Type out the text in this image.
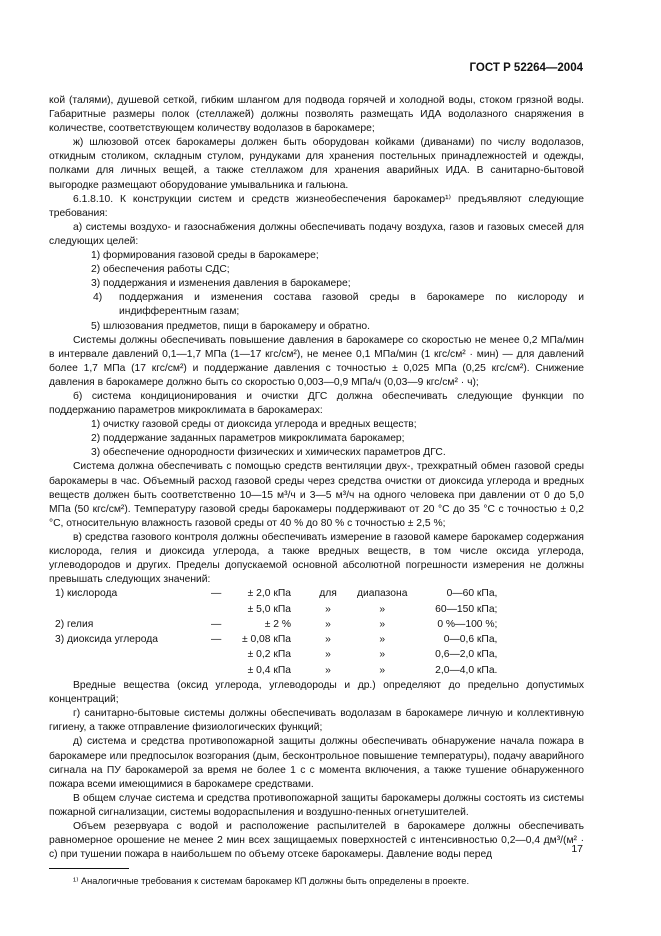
ГОСТ Р 52264—2004

кой (талями), душевой сеткой, гибким шлангом для подвода горячей и холодной воды, стоком грязной воды. Габаритные размеры полок (стеллажей) должны позволять размещать ИДА водолазного снаряжения в количестве, соответствующем количеству водолазов в барокамере;

ж) шлюзовой отсек барокамеры должен быть оборудован койками (диванами) по числу водолазов, откидным столиком, складным стулом, рундуками для хранения постельных принадлежностей и одежды, полками для личных вещей, а также стеллажом для хранения аварийных ИДА. В санитарно-бытовой выгородке размещают оборудование умывальника и гальюна.

6.1.8.10. К конструкции систем и средств жизнеобеспечения барокамер¹⁾ предъявляют следующие требования:

а) системы воздухо- и газоснабжения должны обеспечивать подачу воздуха, газов и газовых смесей для следующих целей:

1) формирования газовой среды в барокамере;

2) обеспечения работы СДС;

3) поддержания и изменения давления в барокамере;

4) поддержания и изменения состава газовой среды в барокамере по кислороду и индифферентным газам;

5) шлюзования предметов, пищи в барокамеру и обратно.

Системы должны обеспечивать повышение давления в барокамере со скоростью не менее 0,2 МПа/мин в интервале давлений 0,1—1,7 МПа (1—17 кгс/см²), не менее 0,1 МПа/мин (1 кгс/см² · мин) — для давлений более 1,7 МПа (17 кгс/см²) и поддержание давления с точностью ± 0,025 МПа (0,25 кгс/см²). Снижение давления в барокамере должно быть со скоростью 0,003—0,9 МПа/ч (0,03—9 кгс/см² · ч);

б) система кондиционирования и очистки ДГС должна обеспечивать следующие функции по поддержанию параметров микроклимата в барокамерах:

1) очистку газовой среды от диоксида углерода и вредных веществ;

2) поддержание заданных параметров микроклимата барокамер;

3) обеспечение однородности физических и химических параметров ДГС.

Система должна обеспечивать с помощью средств вентиляции двух-, трехкратный обмен газовой среды барокамеры в час. Объемный расход газовой среды через средства очистки от диоксида углерода и вредных веществ должен быть соответственно 10—15 м³/ч и 3—5 м³/ч на одного человека при давлении от 0 до 5,0 МПа (50 кгс/см²). Температуру газовой среды барокамеры поддерживают от 20 °С до 35 °С с точностью ± 0,2 °С, относительную влажность газовой среды от 40 % до 80 % с точностью ± 2,5 %;

в) средства газового контроля должны обеспечивать измерение в газовой камере барокамер содержания кислорода, гелия и диоксида углерода, а также вредных веществ, в том числе оксида углерода, углеводородов и других. Пределы допускаемой основной абсолютной погрешности измерения не должны превышать следующих значений:

1) кислорода	—	± 2,0 кПа	для	диапазона	0—60 кПа,
		± 5,0 кПа	»	»	60—150 кПа;
2) гелия	—	± 2 %	»	»	0 %—100 %;
3) диоксида углерода	—	± 0,08 кПа	»	»	0—0,6 кПа,
		± 0,2 кПа	»	»	0,6—2,0 кПа,
		± 0,4 кПа	»	»	2,0—4,0 кПа.

Вредные вещества (оксид углерода, углеводороды и др.) определяют до предельно допустимых концентраций;

г) санитарно-бытовые системы должны обеспечивать водолазам в барокамере личную и коллективную гигиену, а также отправление физиологических функций;

д) система и средства противопожарной защиты должны обеспечивать обнаружение начала пожара в барокамере или предпосылок возгорания (дым, бесконтрольное повышение температуры), подачу аварийного сигнала на ПУ барокамерой за время не более 1 с с момента включения, а также тушение обнаруженного пожара всеми имеющимися в барокамере средствами.

В общем случае система и средства противопожарной защиты барокамеры должны состоять из системы пожарной сигнализации, системы водораспыления и воздушно-пенных огнетушителей.

Объем резервуара с водой и расположение распылителей в барокамере должны обеспечивать равномерное орошение не менее 2 мин всех защищаемых поверхностей с интенсивностью 0,2—0,4 дм³/(м² · с) при тушении пожара в наибольшем по объему отсеке барокамеры. Давление воды перед

¹⁾ Аналогичные требования к системам барокамер КП должны быть определены в проекте.
17
